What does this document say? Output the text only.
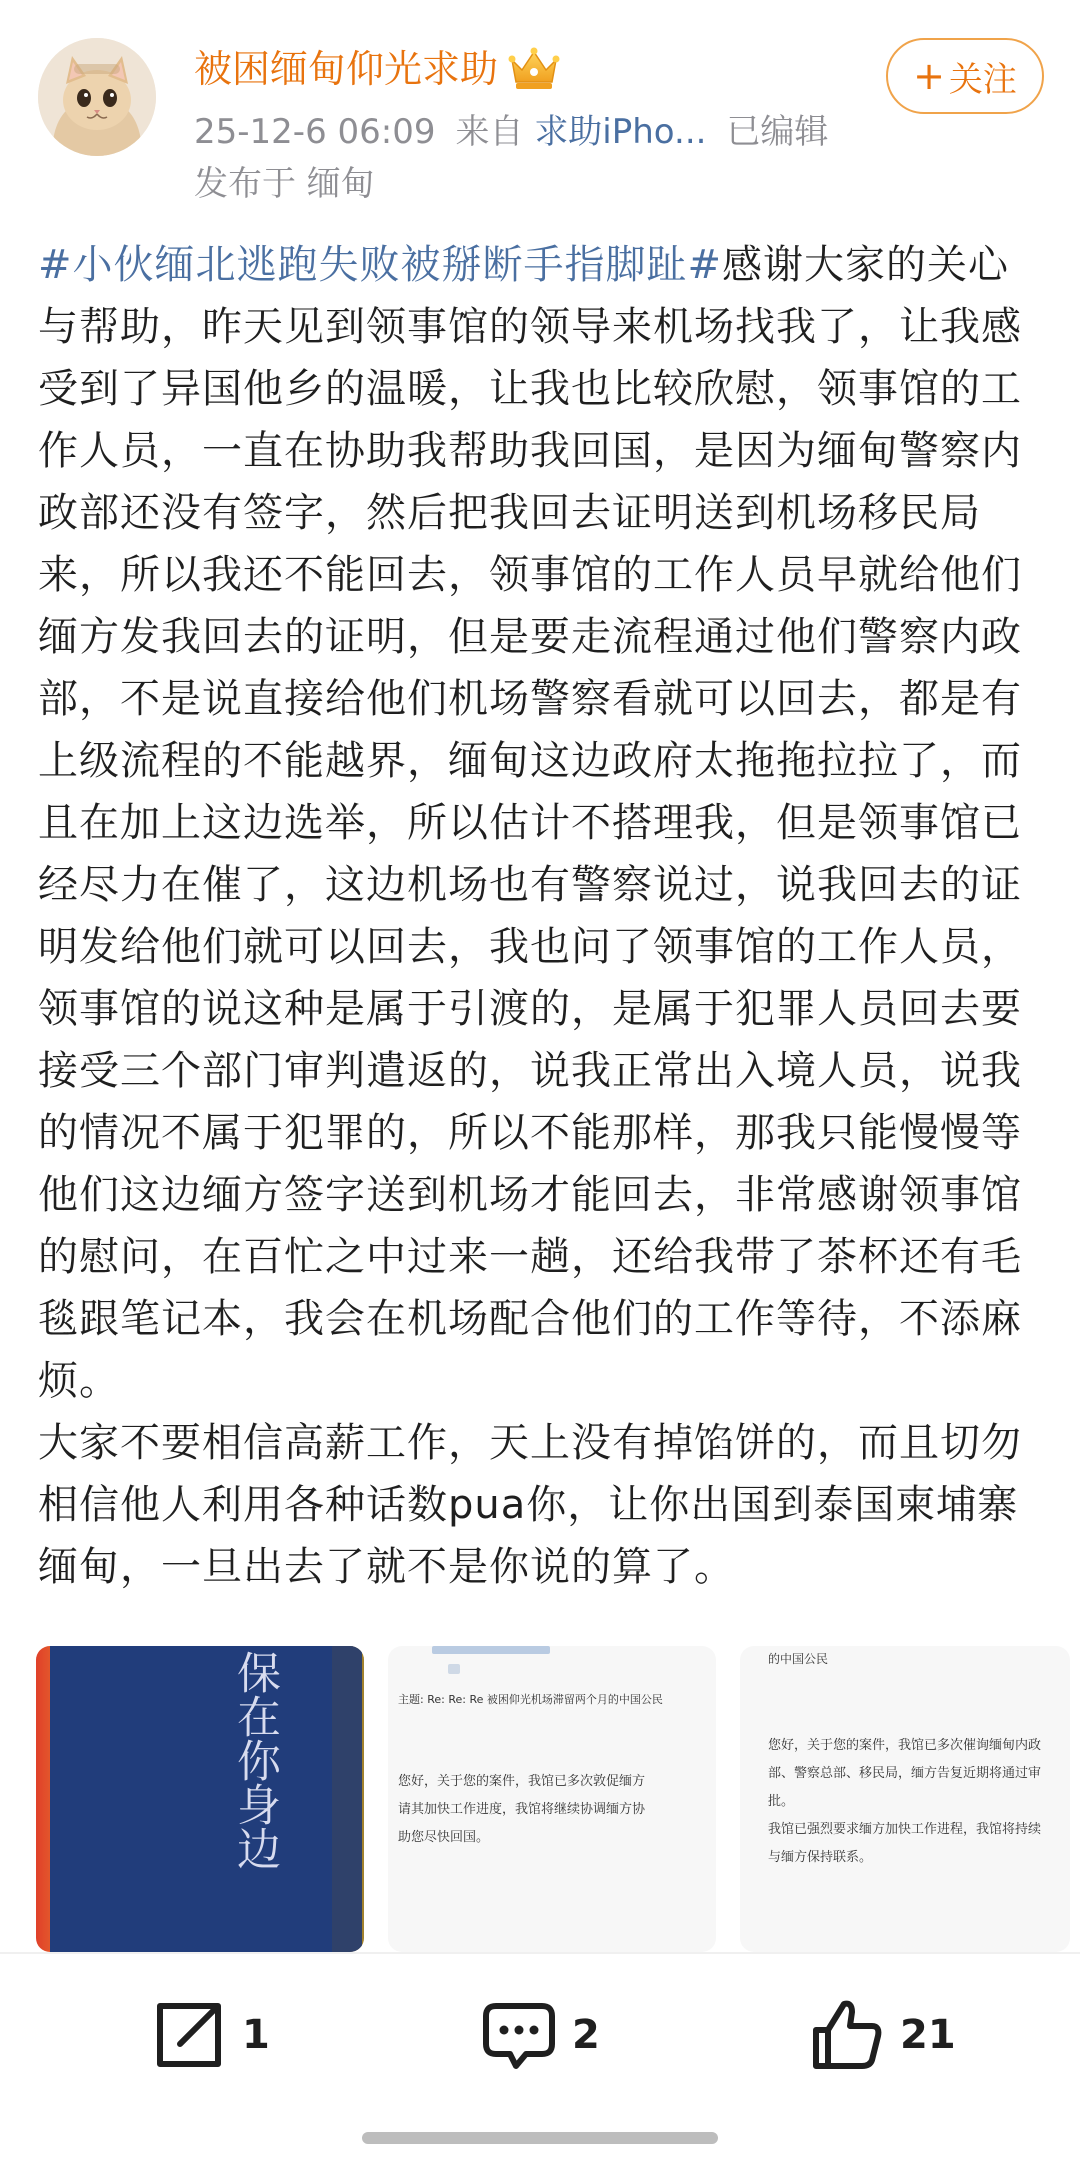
被困缅甸仰光求助
25-12-6 06:09 来自 求助iPho... 已编辑
发布于 缅甸
+ 关注

#小伙缅北逃跑失败被掰断手指脚趾#感谢大家的关心与帮助，昨天见到领事馆的领导来机场找我了，让我感受到了异国他乡的温暖，让我也比较欣慰，领事馆的工作人员，一直在协助我帮助我回国，是因为缅甸警察内政部还没有签字，然后把我回去证明送到机场移民局来，所以我还不能回去，领事馆的工作人员早就给他们缅方发我回去的证明，但是要走流程通过他们警察内政部，不是说直接给他们机场警察看就可以回去，都是有上级流程的不能越界，缅甸这边政府太拖拖拉拉了，而且在加上这边选举，所以估计不搭理我，但是领事馆已经尽力在催了，这边机场也有警察说过，说我回去的证明发给他们就可以回去，我也问了领事馆的工作人员，领事馆的说这种是属于引渡的，是属于犯罪人员回去要接受三个部门审判遣返的，说我正常出入境人员，说我的情况不属于犯罪的，所以不能那样，那我只能慢慢等他们这边缅方签字送到机场才能回去，非常感谢领事馆的慰问，在百忙之中过来一趟，还给我带了茶杯还有毛毯跟笔记本，我会在机场配合他们的工作等待，不添麻烦。

大家不要相信高薪工作，天上没有掉馅饼的，而且切勿相信他人利用各种话数pua你，让你出国到泰国柬埔寨缅甸，一旦出去了就不是你说的算了。

保在你身边	主题: Re: Re: Re 被困仰光机场滞留两个月的中国公民
您好，关于您的案件，我馆已多次敦促缅方
请其加快工作进度，我馆将继续协调缅方协
助您尽快回国。
的中国公民
您好，关于您的案件，我馆已多次催询缅甸内政
部、警察总部、移民局，缅方告复近期将通过审
批。
我馆已强烈要求缅方加快工作进程，我馆将持续
与缅方保持联系。
1	2	21
